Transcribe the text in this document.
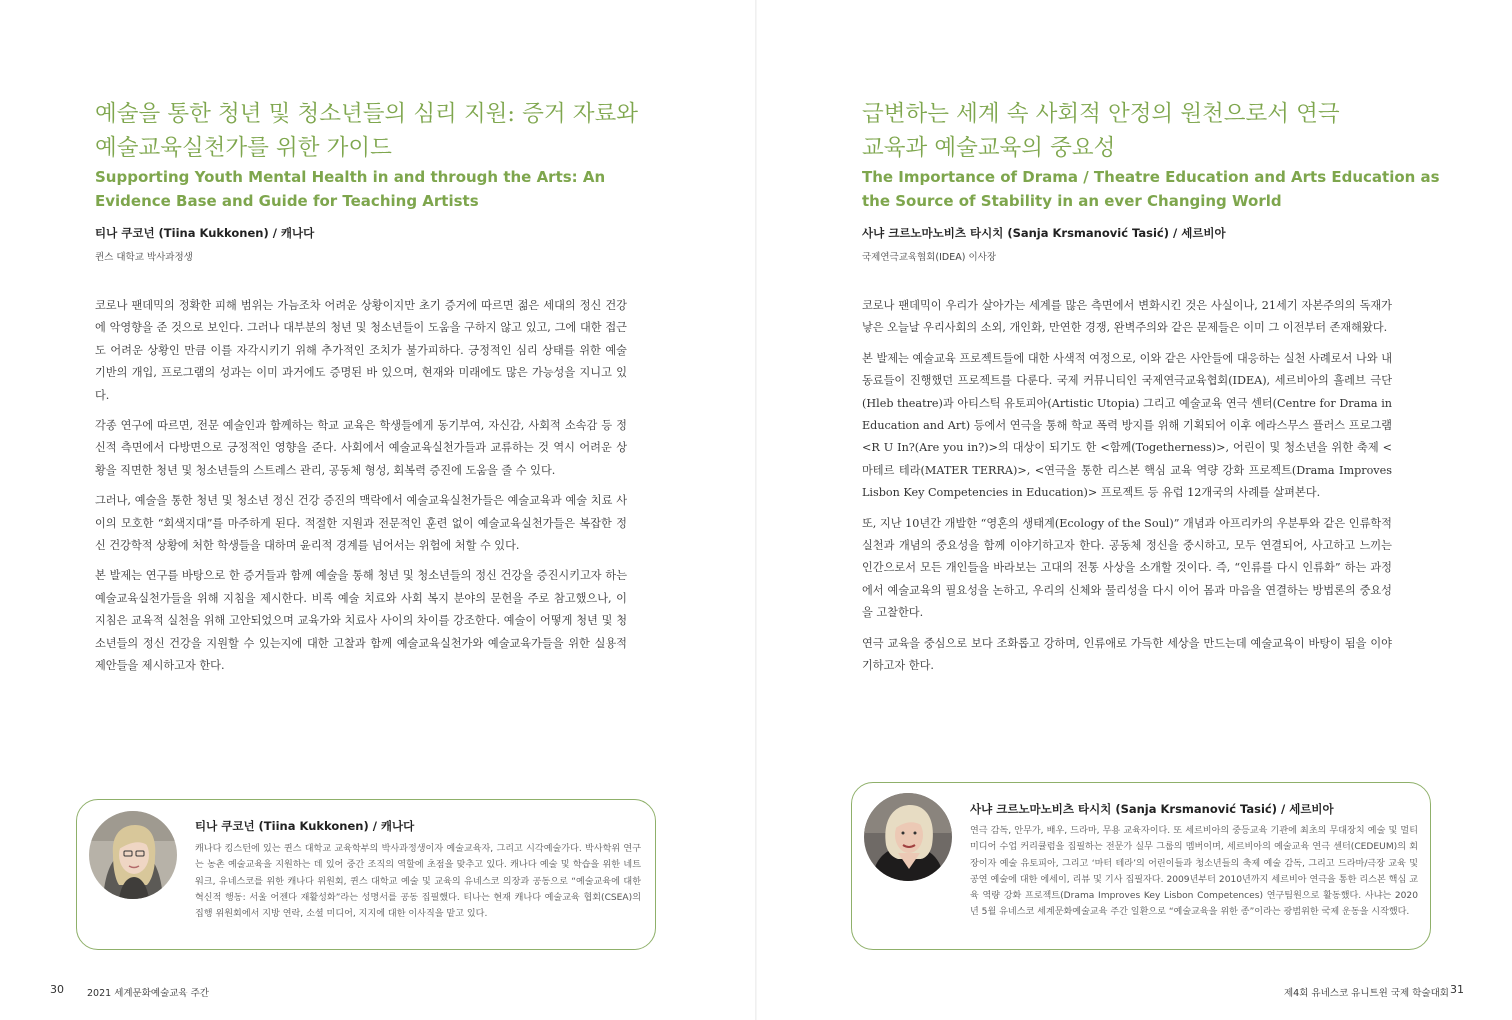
예술을 통한 청년 및 청소년들의 심리 지원: 증거 자료와
예술교육실천가를 위한 가이드
Supporting Youth Mental Health in and through the Arts: An
Evidence Base and Guide for Teaching Artists
티나 쿠코넌 (Tiina Kukkonen) / 캐나다
퀸스 대학교 박사과정생

코로나 팬데믹의 정확한 피해 범위는 가늠조차 어려운 상황이지만 초기 증거에 따르면 젊은 세대의 정신 건강에 악영향을 준 것으로 보인다. 그러나 대부분의 청년 및 청소년들이 도움을 구하지 않고 있고, 그에 대한 접근도 어려운 상황인 만큼 이를 자각시키기 위해 추가적인 조치가 불가피하다. 긍정적인 심리 상태를 위한 예술 기반의 개입, 프로그램의 성과는 이미 과거에도 증명된 바 있으며, 현재와 미래에도 많은 가능성을 지니고 있다.

각종 연구에 따르면, 전문 예술인과 함께하는 학교 교육은 학생들에게 동기부여, 자신감, 사회적 소속감 등 정신적 측면에서 다방면으로 긍정적인 영향을 준다. 사회에서 예술교육실천가들과 교류하는 것 역시 어려운 상황을 직면한 청년 및 청소년들의 스트레스 관리, 공동체 형성, 회복력 증진에 도움을 줄 수 있다.

그러나, 예술을 통한 청년 및 청소년 정신 건강 증진의 맥락에서 예술교육실천가들은 예술교육과 예술 치료 사이의 모호한 “회색지대”를 마주하게 된다. 적절한 지원과 전문적인 훈련 없이 예술교육실천가들은 복잡한 정신 건강학적 상황에 처한 학생들을 대하며 윤리적 경계를 넘어서는 위험에 처할 수 있다.

본 발제는 연구를 바탕으로 한 증거들과 함께 예술을 통해 청년 및 청소년들의 정신 건강을 증진시키고자 하는 예술교육실천가들을 위해 지침을 제시한다. 비록 예술 치료와 사회 복지 분야의 문헌을 주로 참고했으나, 이 지침은 교육적 실천을 위해 고안되었으며 교육가와 치료사 사이의 차이를 강조한다. 예술이 어떻게 청년 및 청소년들의 정신 건강을 지원할 수 있는지에 대한 고찰과 함께 예술교육실천가와 예술교육가들을 위한 실용적 제안들을 제시하고자 한다.

티나 쿠코넌 (Tiina Kukkonen) / 캐나다

캐나다 킹스턴에 있는 퀸스 대학교 교육학부의 박사과정생이자 예술교육자, 그리고 시각예술가다. 박사학위 연구는 농촌 예술교육을 지원하는 데 있어 중간 조직의 역할에 초점을 맞추고 있다. 캐나다 예술 및 학습을 위한 네트워크, 유네스코를 위한 캐나다 위원회, 퀸스 대학교 예술 및 교육의 유네스코 의장과 공동으로 “예술교육에 대한 혁신적 행동: 서울 어젠다 재활성화”라는 성명서를 공동 집필했다. 티나는 현재 캐나다 예술교육 협회(CSEA)의 집행 위원회에서 지방 연락, 소셜 미디어, 지지에 대한 이사직을 맡고 있다.

30 2021 세계문화예술교육 주간
급변하는 세계 속 사회적 안정의 원천으로서 연극
교육과 예술교육의 중요성
The Importance of Drama / Theatre Education and Arts Education as
the Source of Stability in an ever Changing World
사냐 크르노마노비츠 타시치 (Sanja Krsmanović Tasić) / 세르비아
국제연극교육협회(IDEA) 이사장

코로나 팬데믹이 우리가 살아가는 세계를 많은 측면에서 변화시킨 것은 사실이나, 21세기 자본주의의 독재가 낳은 오늘날 우리사회의 소외, 개인화, 만연한 경쟁, 완벽주의와 같은 문제들은 이미 그 이전부터 존재해왔다.

본 발제는 예술교육 프로젝트들에 대한 사색적 여정으로, 이와 같은 사안들에 대응하는 실천 사례로서 나와 내 동료들이 진행했던 프로젝트를 다룬다. 국제 커뮤니티인 국제연극교육협회(IDEA), 세르비아의 흘레브 극단(Hleb theatre)과 아티스틱 유토피아(Artistic Utopia) 그리고 예술교육 연극 센터(Centre for Drama in Education and Art) 등에서 연극을 통해 학교 폭력 방지를 위해 기획되어 이후 에라스무스 플러스 프로그램 <R U In?(Are you in?)>의 대상이 되기도 한 <함께(Togetherness)>, 어린이 및 청소년을 위한 축제 <마테르 테라(MATER TERRA)>, <연극을 통한 리스본 핵심 교육 역량 강화 프로젝트(Drama Improves Lisbon Key Competencies in Education)> 프로젝트 등 유럽 12개국의 사례를 살펴본다.

또, 지난 10년간 개발한 “영혼의 생태계(Ecology of the Soul)” 개념과 아프리카의 우분투와 같은 인류학적 실천과 개념의 중요성을 함께 이야기하고자 한다. 공동체 정신을 중시하고, 모두 연결되어, 사고하고 느끼는 인간으로서 모든 개인들을 바라보는 고대의 전통 사상을 소개할 것이다. 즉, “인류를 다시 인류화” 하는 과정에서 예술교육의 필요성을 논하고, 우리의 신체와 물리성을 다시 이어 몸과 마음을 연결하는 방법론의 중요성을 고찰한다.

연극 교육을 중심으로 보다 조화롭고 강하며, 인류애로 가득한 세상을 만드는데 예술교육이 바탕이 됨을 이야기하고자 한다.

사냐 크르노마노비츠 타시치 (Sanja Krsmanović Tasić) / 세르비아

연극 감독, 안무가, 배우, 드라마, 무용 교육자이다. 또 세르비아의 중등교육 기관에 최초의 무대장치 예술 및 멀티미디어 수업 커리큘럼을 집필하는 전문가 실무 그룹의 멤버이며, 세르비아의 예술교육 연극 센터(CEDEUM)의 회장이자 예술 유토피아, 그리고 ‘마터 테라’의 어린이들과 청소년들의 축제 예술 감독, 그리고 드라마/극장 교육 및 공연 예술에 대한 에세이, 리뷰 및 기사 집필자다. 2009년부터 2010년까지 세르비아 연극을 통한 리스본 핵심 교육 역량 강화 프로젝트(Drama Improves Key Lisbon Competences) 연구팀원으로 활동했다. 사냐는 2020년 5월 유네스코 세계문화예술교육 주간 일환으로 “예술교육을 위한 종”이라는 광범위한 국제 운동을 시작했다.

제4회 유네스코 유니트윈 국제 학술대회 31
